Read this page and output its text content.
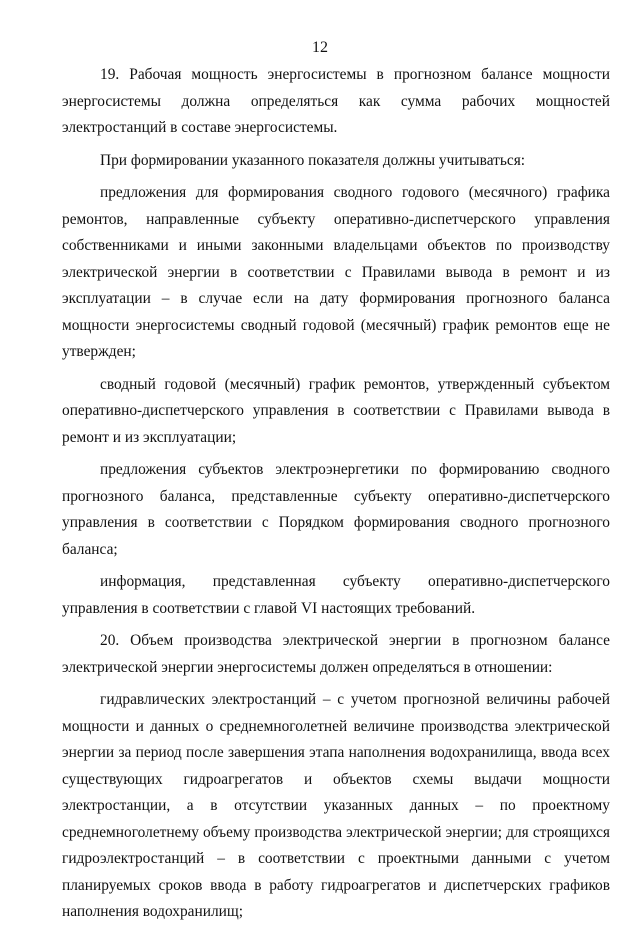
12

19. Рабочая мощность энергосистемы в прогнозном балансе мощности энергосистемы должна определяться как сумма рабочих мощностей электростанций в составе энергосистемы.

При формировании указанного показателя должны учитываться:

предложения для формирования сводного годового (месячного) графика ремонтов, направленные субъекту оперативно-диспетчерского управления собственниками и иными законными владельцами объектов по производству электрической энергии в соответствии с Правилами вывода в ремонт и из эксплуатации – в случае если на дату формирования прогнозного баланса мощности энергосистемы сводный годовой (месячный) график ремонтов еще не утвержден;

сводный годовой (месячный) график ремонтов, утвержденный субъектом оперативно-диспетчерского управления в соответствии с Правилами вывода в ремонт и из эксплуатации;

предложения субъектов электроэнергетики по формированию сводного прогнозного баланса, представленные субъекту оперативно-диспетчерского управления в соответствии с Порядком формирования сводного прогнозного баланса;

информация, представленная субъекту оперативно-диспетчерского управления в соответствии с главой VI настоящих требований.

20. Объем производства электрической энергии в прогнозном балансе электрической энергии энергосистемы должен определяться в отношении:

гидравлических электростанций – с учетом прогнозной величины рабочей мощности и данных о среднемноголетней величине производства электрической энергии за период после завершения этапа наполнения водохранилища, ввода всех существующих гидроагрегатов и объектов схемы выдачи мощности электростанции, а в отсутствии указанных данных – по проектному среднемноголетнему объему производства электрической энергии; для строящихся гидроэлектростанций – в соответствии с проектными данными с учетом планируемых сроков ввода в работу гидроагрегатов и диспетчерских графиков наполнения водохранилищ;
